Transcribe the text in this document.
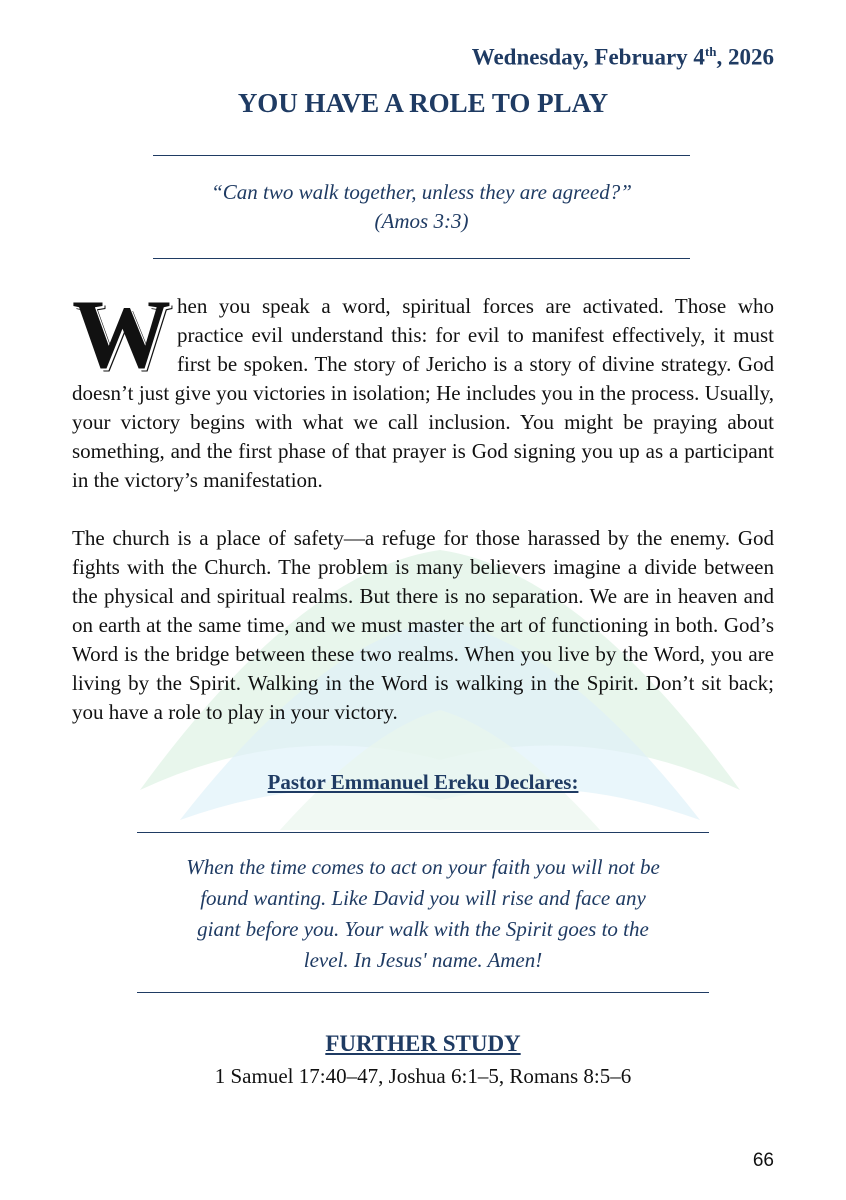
Wednesday, February 4th, 2026
YOU HAVE A ROLE TO PLAY
“Can two walk together, unless they are agreed?”
(Amos 3:3)

When you speak a word, spiritual forces are activated. Those who practice evil understand this: for evil to manifest effectively, it must first be spoken. The story of Jericho is a story of divine strategy. God doesn’t just give you victories in isolation; He includes you in the process. Usually, your victory begins with what we call inclusion. You might be praying about something, and the first phase of that prayer is God signing you up as a participant in the victory’s manifestation.

The church is a place of safety—a refuge for those harassed by the enemy. God fights with the Church. The problem is many believers imagine a divide between the physical and spiritual realms. But there is no separation. We are in heaven and on earth at the same time, and we must master the art of functioning in both. God’s Word is the bridge between these two realms. When you live by the Word, you are living by the Spirit. Walking in the Word is walking in the Spirit. Don’t sit back; you have a role to play in your victory.

Pastor Emmanuel Ereku Declares:
When the time comes to act on your faith you will not be
found wanting. Like David you will rise and face any
giant before you. Your walk with the Spirit goes to the
level. In Jesus' name. Amen!
FURTHER STUDY
1 Samuel 17:40–47, Joshua 6:1–5, Romans 8:5–6
66
